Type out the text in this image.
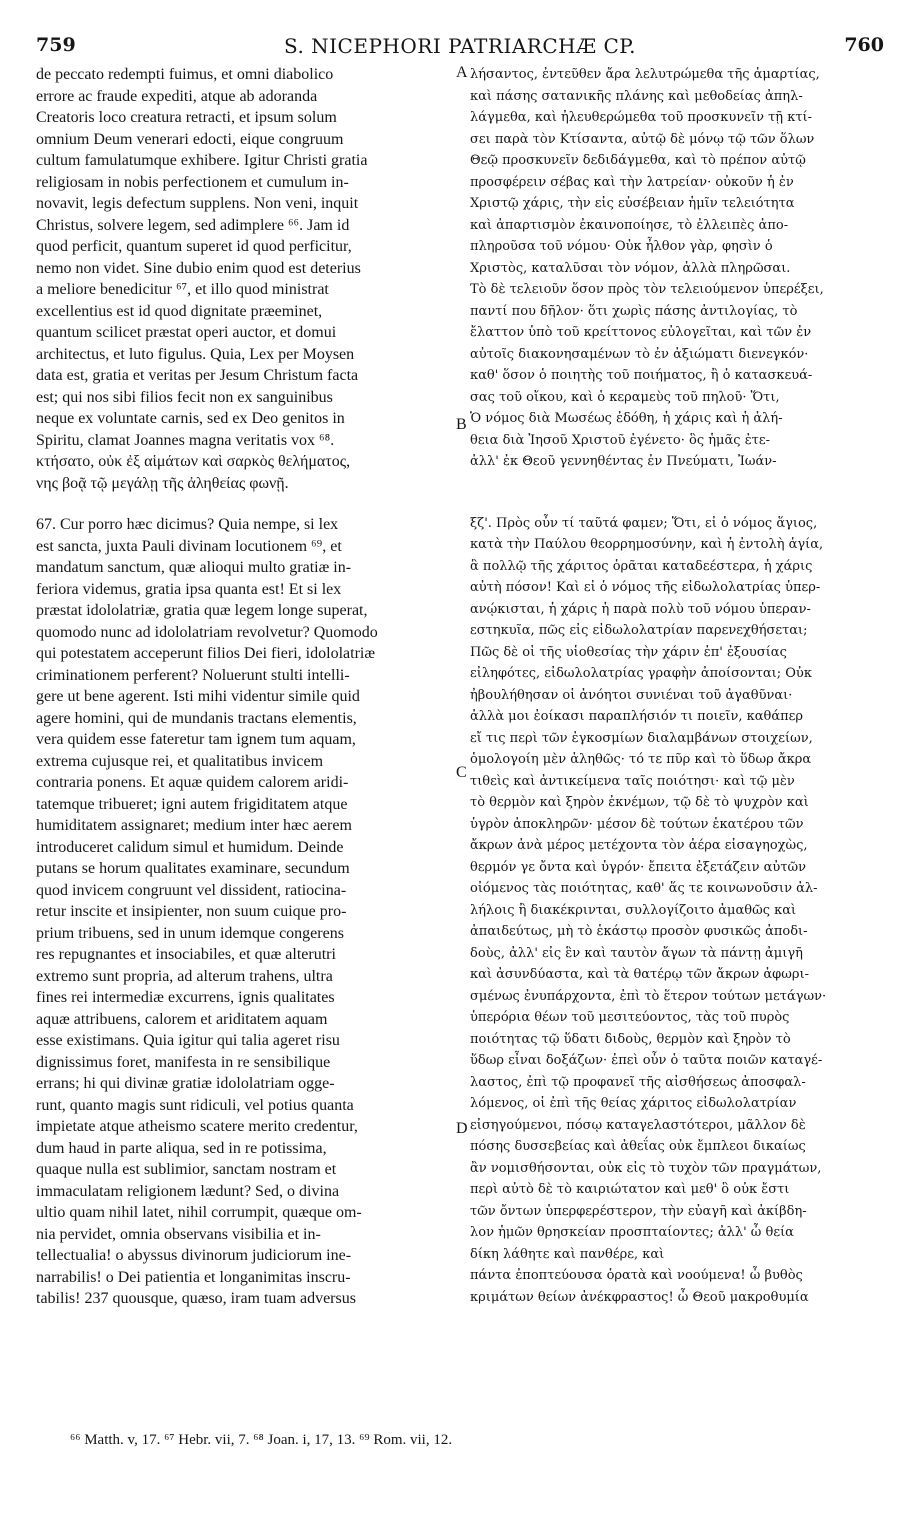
759	S. NICEPHORI PATRIARCHÆ CP.	760
de peccato redempti fuimus, et omni diabolico
errore ac fraude expediti, atque ab adoranda
Creatoris loco creatura retracti, et ipsum solum
omnium Deum venerari edocti, eique congruum
cultum famulatumque exhibere. Igitur Christi gratia
religiosam in nobis perfectionem et cumulum in-
novavit, legis defectum supplens. Non veni, inquit
Christus, solvere legem, sed adimplere ⁶⁶. Jam id
quod perficit, quantum superet id quod perficitur,
nemo non videt. Sine dubio enim quod est deterius
a meliore benedicitur ⁶⁷, et illo quod ministrat
excellentius est id quod dignitate præeminet,
quantum scilicet præstat operi auctor, et domui
architectus, et luto figulus. Quia, Lex per Moysen
data est, gratia et veritas per Jesum Christum facta
est; qui nos sibi filios fecit non ex sanguinibus
neque ex voluntate carnis, sed ex Deo genitos in
Spiritu, clamat Joannes magna veritatis vox ⁶⁸.
κτήσατο, οὐκ ἐξ αἱμάτων καὶ σαρκὸς θελήματος,
νης βοᾷ τῷ μεγάλῃ τῆς ἀληθείας φωνῇ.
67. Cur porro hæc dicimus? Quia nempe, si lex
est sancta, juxta Pauli divinam locutionem ⁶⁹, et
mandatum sanctum, quæ alioqui multo gratiæ in-
feriora videmus, gratia ipsa quanta est! Et si lex
præstat idololatriæ, gratia quæ legem longe superat,
quomodo nunc ad idololatriam revolvetur? Quomodo
qui potestatem acceperunt filios Dei fieri, idololatriæ
criminationem perferent? Noluerunt stulti intelli-
gere ut bene agerent. Isti mihi videntur simile quid
agere homini, qui de mundanis tractans elementis,
vera quidem esse fateretur tam ignem tum aquam,
extrema cujusque rei, et qualitatibus invicem
contraria ponens. Et aquæ quidem calorem aridi-
tatemque tribueret; igni autem frigiditatem atque
humiditatem assignaret; medium inter hæc aerem
introduceret calidum simul et humidum. Deinde
putans se horum qualitates examinare, secundum
quod invicem congruunt vel dissident, ratiocina-
retur inscite et insipienter, non suum cuique pro-
prium tribuens, sed in unum idemque congerens
res repugnantes et insociabiles, et quæ alterutri
extremo sunt propria, ad alterum trahens, ultra
fines rei intermediæ excurrens, ignis qualitates
aquæ attribuens, calorem et ariditatem aquam
esse existimans. Quia igitur qui talia ageret risu
dignissimus foret, manifesta in re sensibilique
errans; hi qui divinæ gratiæ idololatriam ogge-
runt, quanto magis sunt ridiculi, vel potius quanta
impietate atque atheismo scatere merito credentur,
dum haud in parte aliqua, sed in re potissima,
quaque nulla est sublimior, sanctam nostram et
immaculatam religionem lædunt? Sed, o divina
ultio quam nihil latet, nihil corrumpit, quæque om-
nia pervidet, omnia observans visibilia et in-
tellectualia! o abyssus divinorum judiciorum ine-
narrabilis! o Dei patientia et longanimitas inscru-
tabilis! 237 quousque, quæso, iram tuam adversus
λήσαντος, ἐντεῦθεν ἄρα λελυτρώμεθα τῆς ἁμαρτίας,
καὶ πάσης σατανικῆς πλάνης καὶ μεθοδείας ἀπηλ-
λάγμεθα, καὶ ἠλευθερώμεθα τοῦ προσκυνεῖν τῇ κτί-
σει παρὰ τὸν Κτίσαντα, αὐτῷ δὲ μόνῳ τῷ τῶν ὅλων
Θεῷ προσκυνεῖν δεδιδάγμεθα, καὶ τὸ πρέπον αὐτῷ
προσφέρειν σέβας καὶ τὴν λατρείαν· οὐκοῦν ἡ ἐν
Χριστῷ χάρις, τὴν εἰς εὐσέβειαν ἡμῖν τελειότητα
καὶ ἀπαρτισμὸν ἐκαινοποίησε, τὸ ἐλλειπὲς ἀπο-
πληροῦσα τοῦ νόμου· Οὐκ ἦλθον γὰρ, φησὶν ὁ
Χριστὸς, καταλῦσαι τὸν νόμον, ἀλλὰ πληρῶσαι.
Τὸ δὲ τελειοῦν ὅσον πρὸς τὸν τελειούμενον ὑπερέξει,
παντί που δῆλον· ὅτι χωρὶς πάσης ἀντιλογίας, τὸ
ἔλαττον ὑπὸ τοῦ κρείττονος εὐλογεῖται, καὶ τῶν ἐν
αὐτοῖς διακονησαμένων τὸ ἐν ἀξιώματι διενεγκόν·
καθ' ὅσον ὁ ποιητὴς τοῦ ποιήματος, ἢ ὁ κατασκευά-
σας τοῦ οἴκου, καὶ ὁ κεραμεὺς τοῦ πηλοῦ· Ὅτι,
Ὁ νόμος διὰ Μωσέως ἐδόθη, ἡ χάρις καὶ ἡ ἀλή-
θεια διὰ Ἰησοῦ Χριστοῦ ἐγένετο· ὃς ἡμᾶς ἐτε-
ἀλλ' ἐκ Θεοῦ γεννηθέντας ἐν Πνεύματι, Ἰωάν-
ξζ'. Πρὸς οὖν τί ταῦτά φαμεν; Ὅτι, εἰ ὁ νόμος ἅγιος,
κατὰ τὴν Παύλου θεορρημοσύνην, καὶ ἡ ἐντολὴ ἁγία,
ἃ πολλῷ τῆς χάριτος ὁρᾶται καταδεέστερα, ἡ χάρις
αὐτὴ πόσον! Καὶ εἰ ὁ νόμος τῆς εἰδωλολατρίας ὑπερ-
ανῴκισται, ἡ χάρις ἡ παρὰ πολὺ τοῦ νόμου ὑπεραν-
εστηκυῖα, πῶς εἰς εἰδωλολατρίαν παρενεχθήσεται;
Πῶς δὲ οἱ τῆς υἱοθεσίας τὴν χάριν ἐπ' ἐξουσίας
εἰληφότες, εἰδωλολατρίας γραφὴν ἀποίσονται; Οὐκ
ἠβουλήθησαν οἱ ἀνόητοι συνιέναι τοῦ ἀγαθῦναι·
ἀλλὰ μοι ἐοίκασι παραπλήσιόν τι ποιεῖν, καθάπερ
εἴ τις περὶ τῶν ἐγκοσμίων διαλαμβάνων στοιχείων,
ὁμολογοίη μὲν ἀληθῶς· τό τε πῦρ καὶ τὸ ὕδωρ ἄκρα
τιθεὶς καὶ ἀντικείμενα ταῖς ποιότησι· καὶ τῷ μὲν
τὸ θερμὸν καὶ ξηρὸν ἐκνέμων, τῷ δὲ τὸ ψυχρὸν καὶ
ὑγρὸν ἀποκληρῶν· μέσον δὲ τούτων ἑκατέρου τῶν
ἄκρων ἀνὰ μέρος μετέχοντα τὸν ἀέρα εἰσαγηοχὼς,
θερμόν γε ὄντα καὶ ὑγρόν· ἔπειτα ἐξετάζειν αὐτῶν
οἰόμενος τὰς ποιότητας, καθ' ἅς τε κοινωνοῦσιν ἀλ-
λήλοις ἢ διακέκρινται, συλλογίζοιτο ἀμαθῶς καὶ
ἀπαιδεύτως, μὴ τὸ ἑκάστῳ προσὸν φυσικῶς ἀποδι-
δοὺς, ἀλλ' εἰς ἓν καὶ ταυτὸν ἄγων τὰ πάντῃ ἀμιγῆ
καὶ ἀσυνδύαστα, καὶ τὰ θατέρῳ τῶν ἄκρων ἀφωρι-
σμένως ἐνυπάρχοντα, ἐπὶ τὸ ἕτερον τούτων μετάγων·
ὑπερόρια θέων τοῦ μεσιτεύοντος, τὰς τοῦ πυρὸς
ποιότητας τῷ ὕδατι διδοὺς, θερμὸν καὶ ξηρὸν τὸ
ὕδωρ εἶναι δοξάζων· ἐπεὶ οὖν ὁ ταῦτα ποιῶν καταγέ-
λαστος, ἐπὶ τῷ προφανεῖ τῆς αἰσθήσεως ἀποσφαλ-
λόμενος, οἱ ἐπὶ τῆς θείας χάριτος εἰδωλολατρίαν
εἰσηγούμενοι, πόσῳ καταγελαστότεροι, μᾶλλον δὲ
πόσης δυσσεβείας καὶ ἀθεΐας οὐκ ἔμπλεοι δικαίως
ἂν νομισθήσονται, οὐκ εἰς τὸ τυχὸν τῶν πραγμάτων,
περὶ αὐτὸ δὲ τὸ καιριώτατον καὶ μεθ' ὃ οὐκ ἔστι
τῶν ὄντων ὑπερφερέστερον, τὴν εὐαγῆ καὶ ἀκίβδη-
λον ἡμῶν θρησκείαν προσπταίοντες; ἀλλ' ὦ θεία
δίκη λάθητε καὶ πανθέρε, καὶ
πάντα ἐποπτεύουσα ὁρατὰ καὶ νοούμενα! ὦ βυθὸς
κριμάτων θείων ἀνέκφραστος! ὦ Θεοῦ μακροθυμία
A
B
C
D
⁶⁶ Matth. v, 17. ⁶⁷ Hebr. vii, 7. ⁶⁸ Joan. i, 17, 13. ⁶⁹ Rom. vii, 12.
